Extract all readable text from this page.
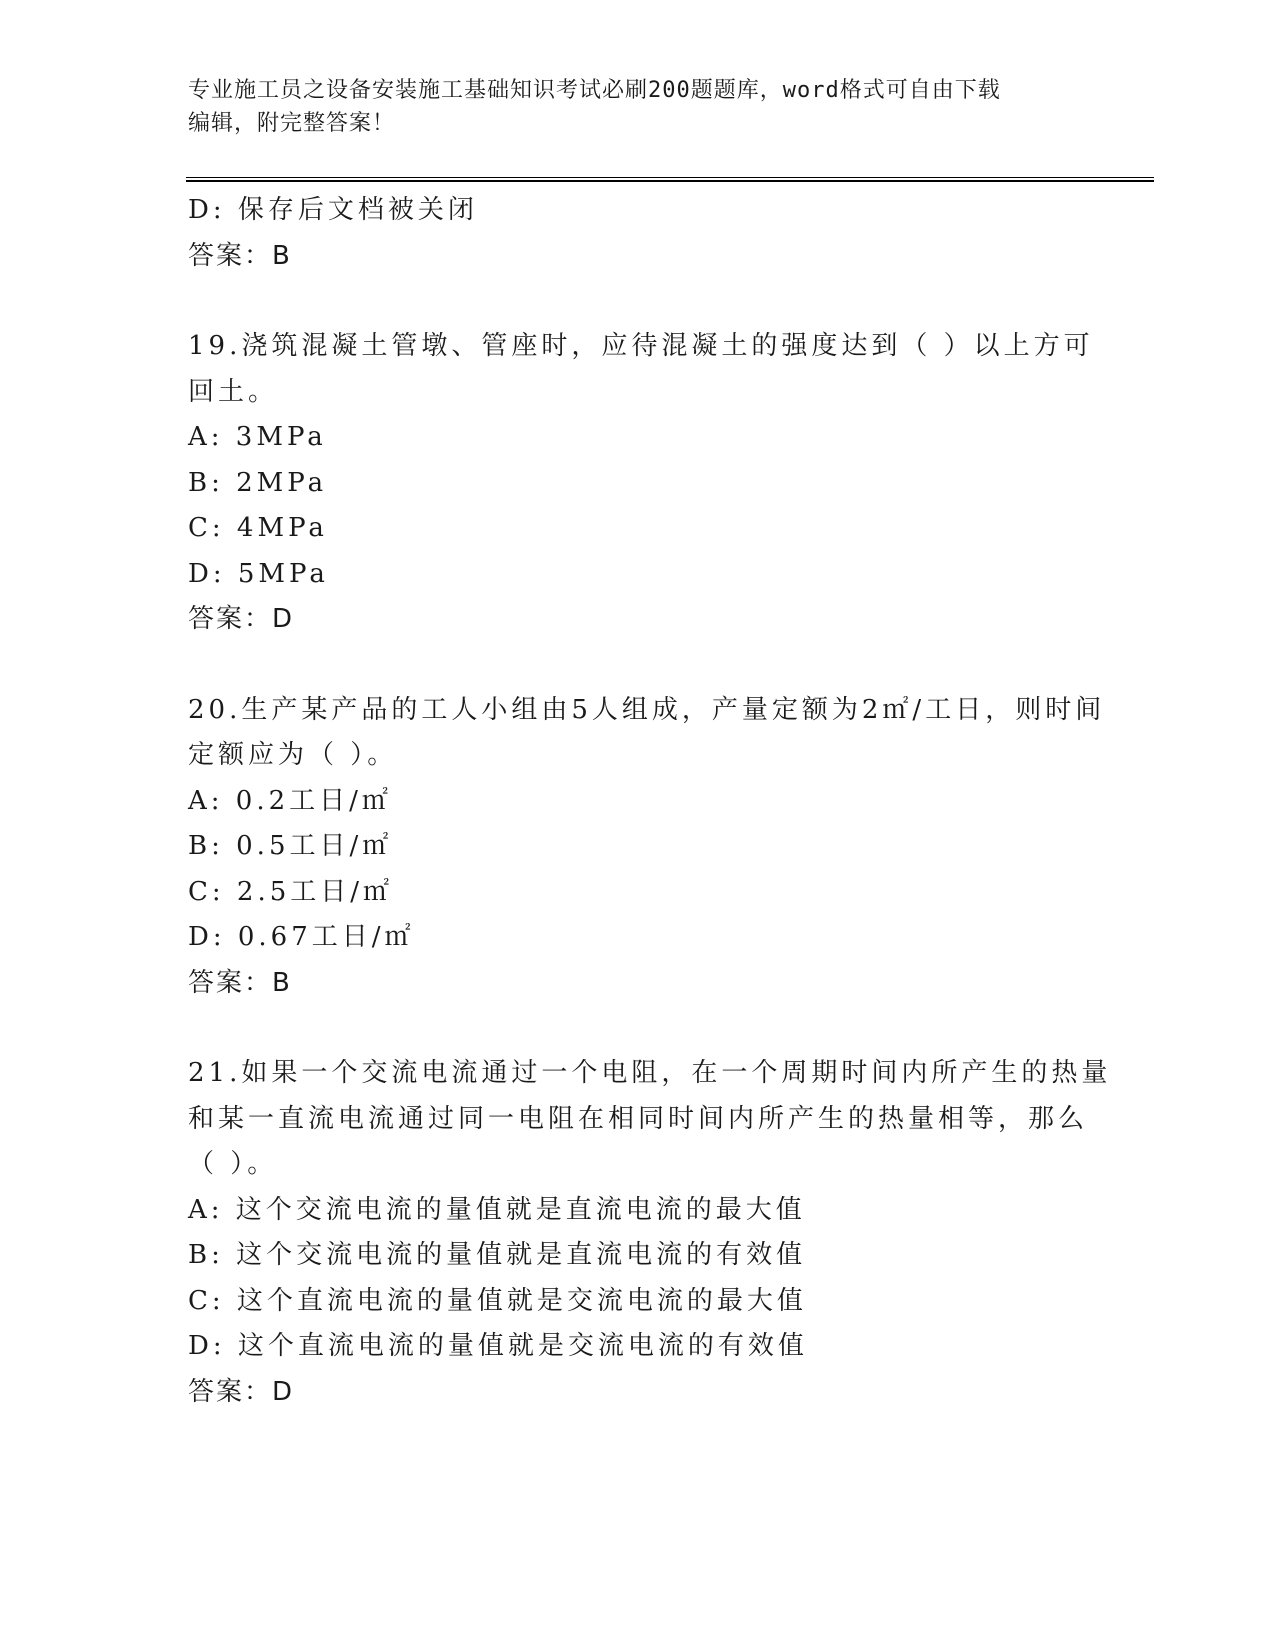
专业施工员之设备安装施工基础知识考试必刷200题题库，word格式可自由下载
编辑，附完整答案！
D: 保存后文档被关闭
答案：B
19.浇筑混凝土管墩、管座时，应待混凝土的强度达到（ ）以上方可
回土。
A: 3MPa
B: 2MPa
C: 4MPa
D: 5MPa
答案：D
20.生产某产品的工人小组由5人组成，产量定额为2㎡/工日，则时间
定额应为（ ）。
A: 0.2工日/㎡
B: 0.5工日/㎡
C: 2.5工日/㎡
D: 0.67工日/㎡
答案：B
21.如果一个交流电流通过一个电阻，在一个周期时间内所产生的热量
和某一直流电流通过同一电阻在相同时间内所产生的热量相等，那么
（ ）。
A: 这个交流电流的量值就是直流电流的最大值
B: 这个交流电流的量值就是直流电流的有效值
C: 这个直流电流的量值就是交流电流的最大值
D: 这个直流电流的量值就是交流电流的有效值
答案：D
